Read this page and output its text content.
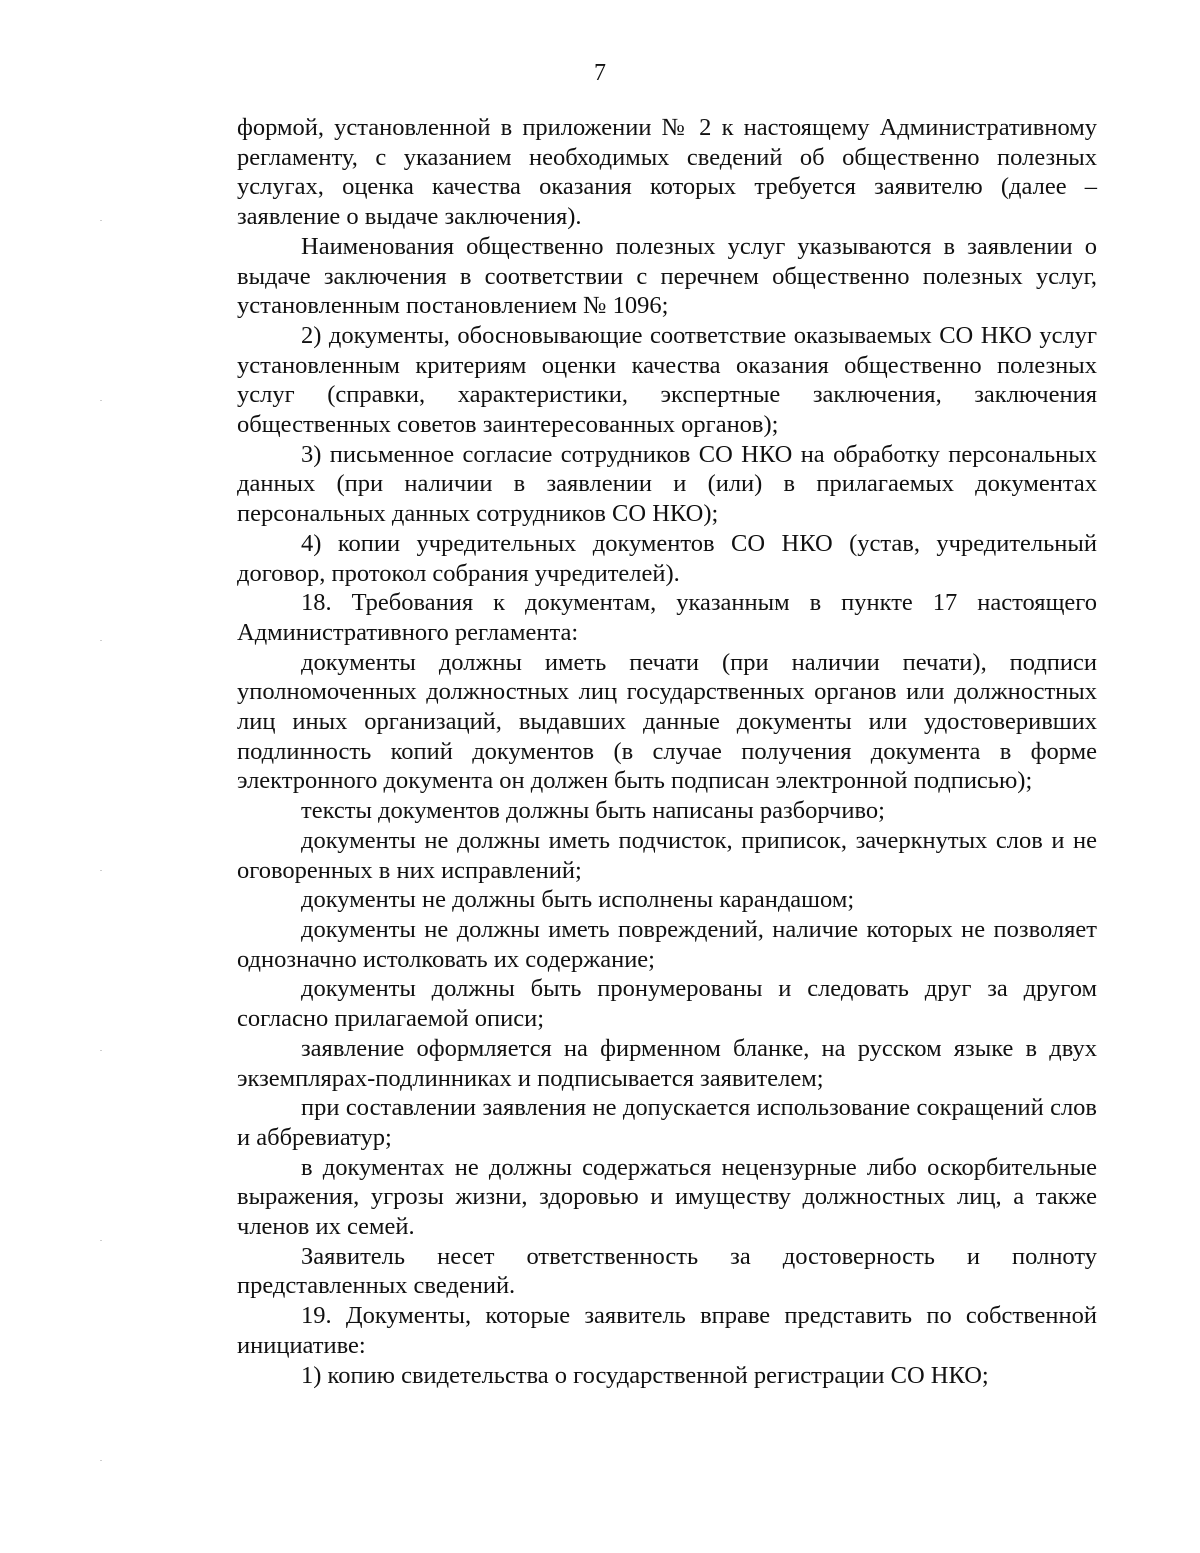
7

формой, установленной в приложении № 2 к настоящему Административному регламенту, с указанием необходимых сведений об общественно полезных услугах, оценка качества оказания которых требуется заявителю (далее – заявление о выдаче заключения).

Наименования общественно полезных услуг указываются в заявлении о выдаче заключения в соответствии с перечнем общественно полезных услуг, установленным постановлением № 1096;

2) документы, обосновывающие соответствие оказываемых СО НКО услуг установленным критериям оценки качества оказания общественно полезных услуг (справки, характеристики, экспертные заключения, заключения общественных советов заинтересованных органов);

3) письменное согласие сотрудников СО НКО на обработку персональных данных (при наличии в заявлении и (или) в прилагаемых документах персональных данных сотрудников СО НКО);

4) копии учредительных документов СО НКО (устав, учредительный договор, протокол собрания учредителей).

18. Требования к документам, указанным в пункте 17 настоящего Административного регламента:

документы должны иметь печати (при наличии печати), подписи уполномоченных должностных лиц государственных органов или должностных лиц иных организаций, выдавших данные документы или удостоверивших подлинность копий документов (в случае получения документа в форме электронного документа он должен быть подписан электронной подписью);

тексты документов должны быть написаны разборчиво;

документы не должны иметь подчисток, приписок, зачеркнутых слов и не оговоренных в них исправлений;

документы не должны быть исполнены карандашом;

документы не должны иметь повреждений, наличие которых не позволяет однозначно истолковать их содержание;

документы должны быть пронумерованы и следовать друг за другом согласно прилагаемой описи;

заявление оформляется на фирменном бланке, на русском языке в двух экземплярах-подлинниках и подписывается заявителем;

при составлении заявления не допускается использование сокращений слов и аббревиатур;

в документах не должны содержаться нецензурные либо оскорбительные выражения, угрозы жизни, здоровью и имуществу должностных лиц, а также членов их семей.

Заявитель несет ответственность за достоверность и полноту представленных сведений.

19. Документы, которые заявитель вправе представить по собственной инициативе:

1) копию свидетельства о государственной регистрации СО НКО;
